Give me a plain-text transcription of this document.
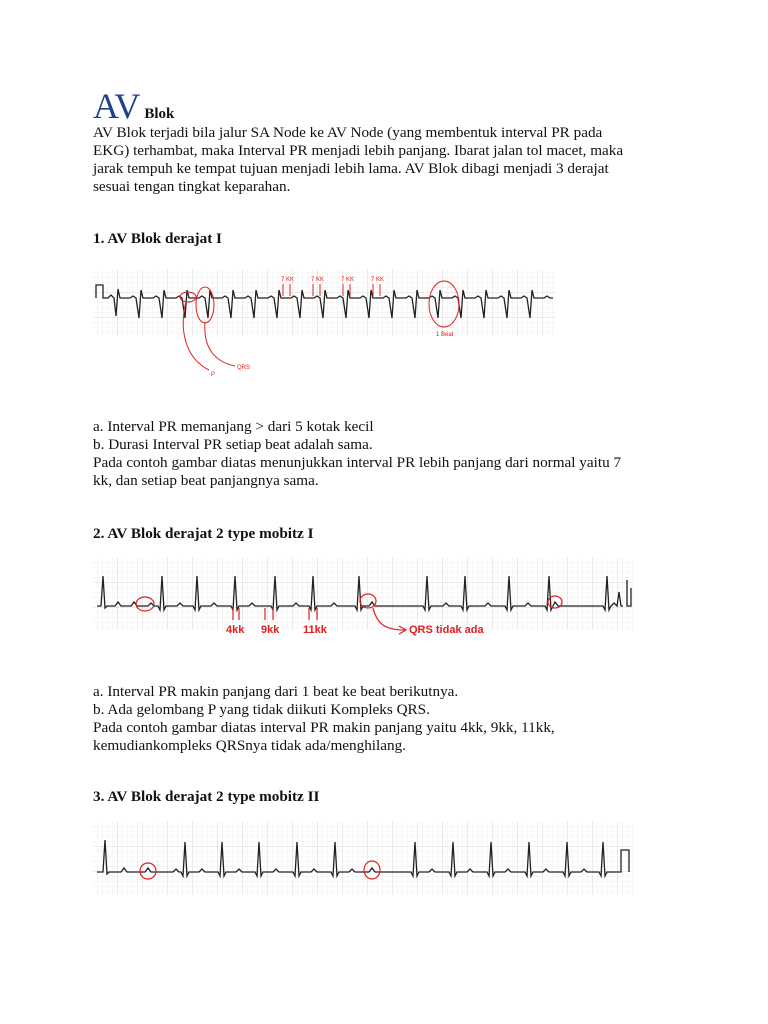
AV Blok

AV Blok terjadi bila jalur SA Node ke AV Node (yang membentuk interval PR pada
EKG) terhambat, maka Interval PR menjadi lebih panjang. Ibarat jalan tol macet, maka
jarak tempuh ke tempat tujuan menjadi lebih lama. AV Blok dibagi menjadi 3 derajat
sesuai tengan tingkat keparahan.

1. AV Blok derajat I
7 KK	7 KK	7 KK	7 KK
1 Beat
P
QRS

a. Interval PR memanjang > dari 5 kotak kecil
b. Durasi Interval PR setiap beat adalah sama.
Pada contoh gambar diatas menunjukkan interval PR lebih panjang dari normal yaitu 7
kk, dan setiap beat panjangnya sama.

2. AV Blok derajat 2 type mobitz I
4kk 9kk 11kk	QRS tidak ada

a. Interval PR makin panjang dari 1 beat ke beat berikutnya.
b. Ada gelombang P yang tidak diikuti Kompleks QRS.
Pada contoh gambar diatas interval PR makin panjang yaitu 4kk, 9kk, 11kk,
kemudiankompleks QRSnya tidak ada/menghilang.

3. AV Blok derajat 2 type mobitz II
